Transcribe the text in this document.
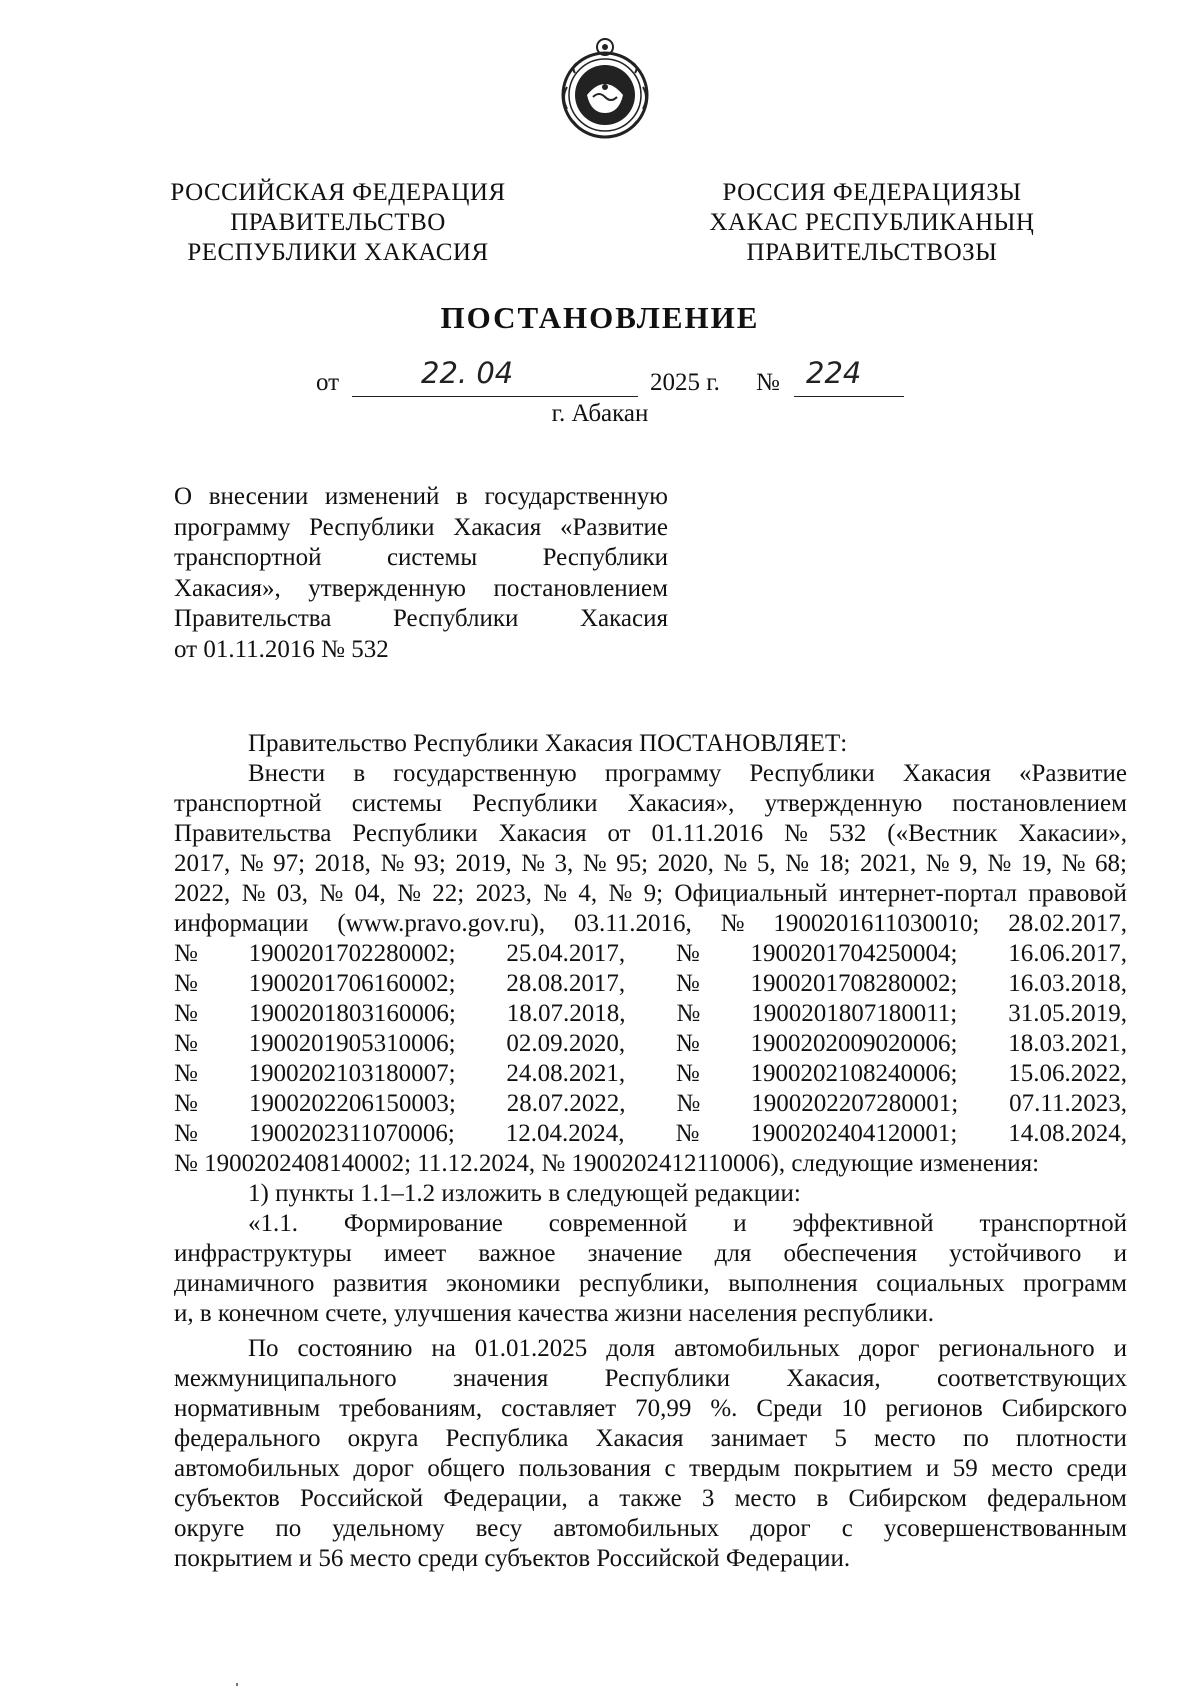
РОССИЙСКАЯ ФЕДЕРАЦИЯ
ПРАВИТЕЛЬСТВО
РЕСПУБЛИКИ ХАКАСИЯ
РОССИЯ ФЕДЕРАЦИЯЗЫ
ХАКАС РЕСПУБЛИКАНЫҢ
ПРАВИТЕЛЬСТВОЗЫ
ПОСТАНОВЛЕНИЕ
от	22. 04	2025 г. № 224
г. Абакан
О внесении изменений в государственную
программу Республики Хакасия «Развитие
транспортной	системы	Республики
Хакасия», утвержденную постановлением
Правительства Республики Хакасия
от 01.11.2016 № 532
Правительство Республики Хакасия ПОСТАНОВЛЯЕТ:
Внести в государственную программу Республики Хакасия «Развитие
транспортной системы Республики Хакасия», утвержденную постановлением
Правительства Республики Хакасия от 01.11.2016 № 532 («Вестник Хакасии»,
2017, № 97; 2018, № 93; 2019, № 3, № 95; 2020, № 5, № 18; 2021, № 9, № 19, № 68;
2022, № 03, № 04, № 22; 2023, № 4, № 9; Официальный интернет-портал правовой
информации (www.pravo.gov.ru), 03.11.2016, № 1900201611030010; 28.02.2017,
№ 1900201702280002; 25.04.2017, № 1900201704250004; 16.06.2017,
№ 1900201706160002; 28.08.2017, № 1900201708280002; 16.03.2018,
№ 1900201803160006; 18.07.2018, № 1900201807180011; 31.05.2019,
№ 1900201905310006; 02.09.2020, № 1900202009020006; 18.03.2021,
№ 1900202103180007; 24.08.2021, № 1900202108240006; 15.06.2022,
№ 1900202206150003; 28.07.2022, № 1900202207280001; 07.11.2023,
№ 1900202311070006; 12.04.2024, № 1900202404120001; 14.08.2024,
№ 1900202408140002; 11.12.2024, № 1900202412110006), следующие изменения:
1) пункты 1.1–1.2 изложить в следующей редакции:
«1.1. Формирование современной и эффективной транспортной
инфраструктуры имеет важное значение для обеспечения устойчивого и
динамичного развития экономики республики, выполнения социальных программ
и, в конечном счете, улучшения качества жизни населения республики.
По состоянию на 01.01.2025 доля автомобильных дорог регионального и
межмуниципального значения Республики Хакасия, соответствующих
нормативным требованиям, составляет 70,99 %. Среди 10 регионов Сибирского
федерального округа Республика Хакасия занимает 5 место по плотности
автомобильных дорог общего пользования с твердым покрытием и 59 место среди
субъектов Российской Федерации, а также 3 место в Сибирском федеральном
округе по удельному весу автомобильных дорог с усовершенствованным
покрытием и 56 место среди субъектов Российской Федерации.
